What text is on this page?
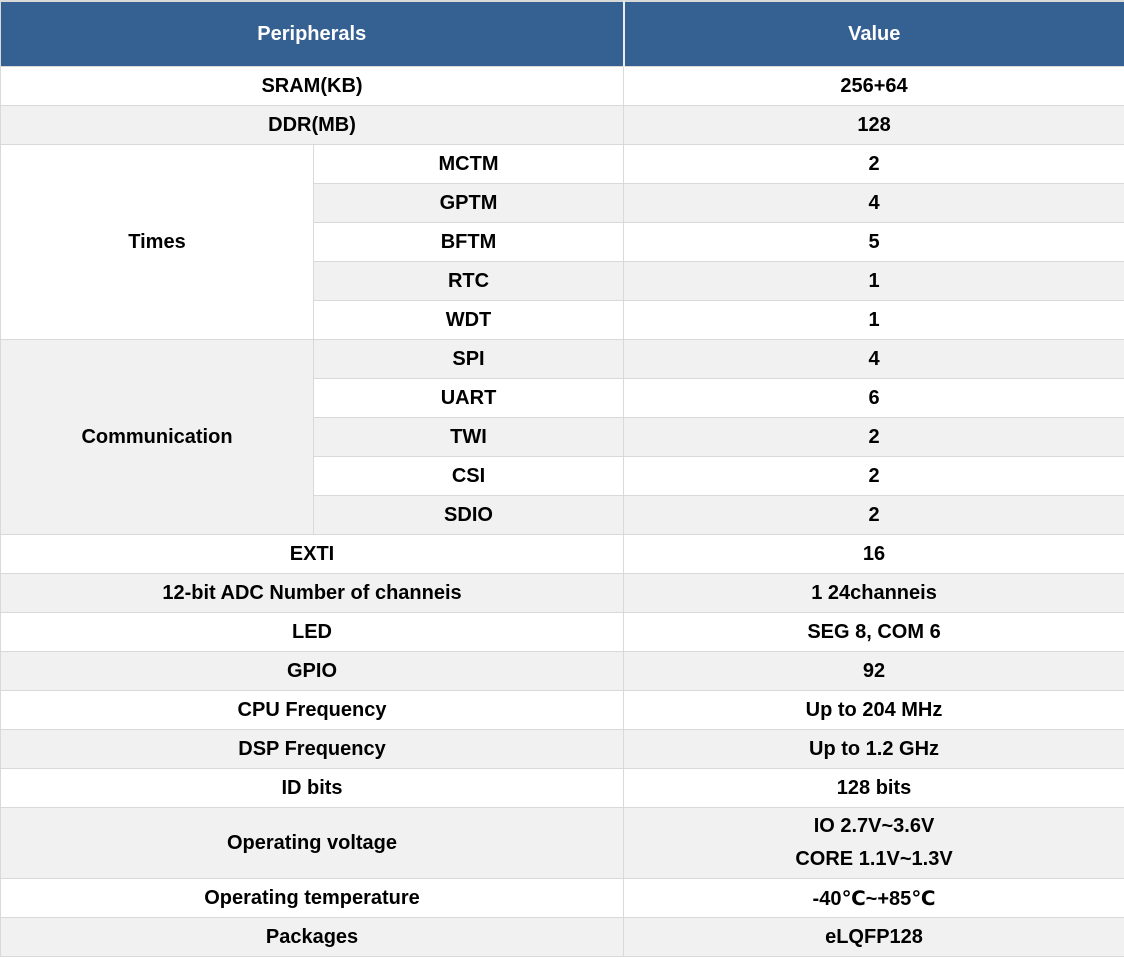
Peripherals		Value
SRAM(KB)		256+64
DDR(MB)		128
Times	MCTM	2
	GPTM	4
	BFTM	5
	RTC	1
	WDT	1
Communication	SPI	4
	UART	6
	TWI	2
	CSI	2
	SDIO	2
EXTI		16
12-bit ADC Number of channeis		1 24channeis
LED		SEG 8, COM 6
GPIO		92
CPU Frequency		Up to 204 MHz
DSP Frequency		Up to 1.2 GHz
ID bits		128 bits
Operating voltage		IO 2.7V~3.6V
CORE 1.1V~1.3V

Operating temperature		-40℃~+85℃
Packages		eLQFP128
